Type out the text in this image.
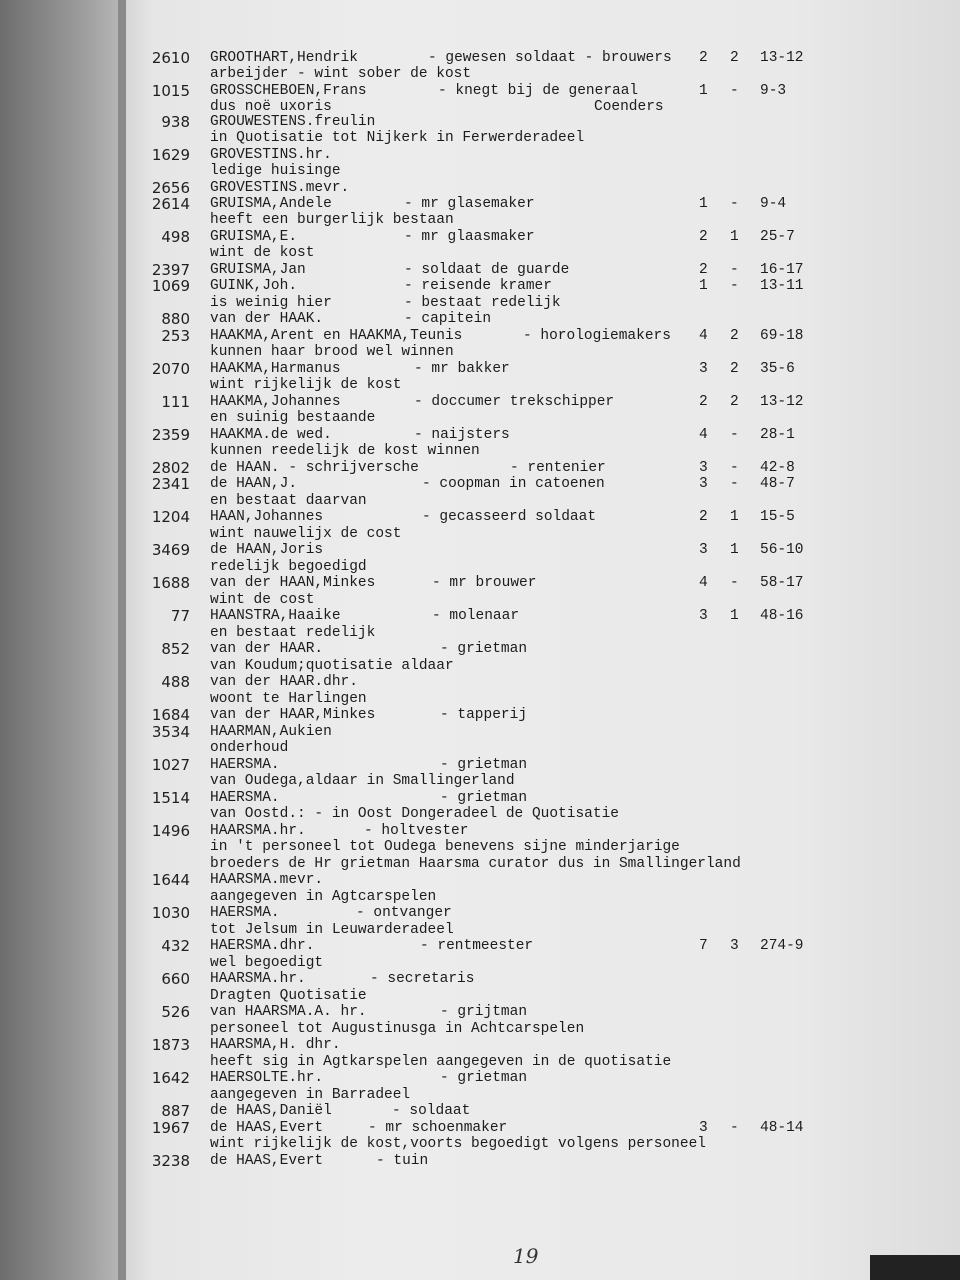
2610 GROOTHART,Hendrik	- gewesen soldaat - brouwers 2 2 13-12
arbeijder - wint sober de kost
1015 GROSSCHEBOEN,Frans	- knegt bij de generaal	1 - 9-3
dus noë uxoris	Coenders
938 GROUWESTENS.freulin
in Quotisatie tot Nijkerk in Ferwerderadeel
1629 GROVESTINS.hr.
ledige huisinge
2656 GROVESTINS.mevr.
2614 GRUISMA,Andele	- mr glasemaker	1 - 9-4
heeft een burgerlijk bestaan
498 GRUISMA,E.	- mr glaasmaker	2 1 25-7
wint de kost
2397 GRUISMA,Jan	- soldaat de guarde	2 - 16-17
1069 GUINK,Joh.	- reisende kramer	1 - 13-11
is weinig hier	- bestaat redelijk
880 van der HAAK.	- capitein
253 HAAKMA,Arent en HAAKMA,Teunis	- horologiemakers 4 2 69-18
kunnen haar brood wel winnen
2070 HAAKMA,Harmanus	- mr bakker	3 2 35-6
wint rijkelijk de kost
111 HAAKMA,Johannes	- doccumer trekschipper	2 2 13-12
en suinig bestaande
2359 HAAKMA.de wed.	- naijsters	4 - 28-1
kunnen reedelijk de kost winnen
2802 de HAAN. - schrijversche	- rentenier	3 - 42-8
2341 de HAAN,J.	- coopman in catoenen	3 - 48-7
en bestaat daarvan
1204 HAAN,Johannes	- gecasseerd soldaat	2 1 15-5
wint nauwelijx de cost
3469 de HAAN,Joris	3 1 56-10
redelijk begoedigd
1688 van der HAAN,Minkes	- mr brouwer	4 - 58-17
wint de cost
77 HAANSTRA,Haaike	- molenaar	3 1 48-16
en bestaat redelijk
852 van der HAAR.	- grietman
van Koudum;quotisatie aldaar
488 van der HAAR.dhr.
woont te Harlingen
1684 van der HAAR,Minkes	- tapperij
3534 HAARMAN,Aukien
onderhoud
1027 HAERSMA.	- grietman
van Oudega,aldaar in Smallingerland
1514 HAERSMA.	- grietman
van Oostd.: - in Oost Dongeradeel de Quotisatie
1496 HAARSMA.hr.	- holtvester
in 't personeel tot Oudega benevens sijne minderjarige
broeders de Hr grietman Haarsma curator dus in Smallingerland
1644 HAARSMA.mevr.
aangegeven in Agtcarspelen
1030 HAERSMA.	- ontvanger
tot Jelsum in Leuwarderadeel
432 HAERSMA.dhr.	- rentmeester	7 3 274-9
wel begoedigt
660 HAARSMA.hr.	- secretaris
Dragten Quotisatie
526 van HAARSMA.A. hr.	- grijtman
personeel tot Augustinusga in Achtcarspelen
1873 HAARSMA,H. dhr.
heeft sig in Agtkarspelen aangegeven in de quotisatie
1642 HAERSOLTE.hr.	- grietman
aangegeven in Barradeel
887 de HAAS,Daniël	- soldaat
1967 de HAAS,Evert	- mr schoenmaker	3 - 48-14
wint rijkelijk de kost,voorts begoedigt volgens personeel
3238 de HAAS,Evert	- tuin
19
